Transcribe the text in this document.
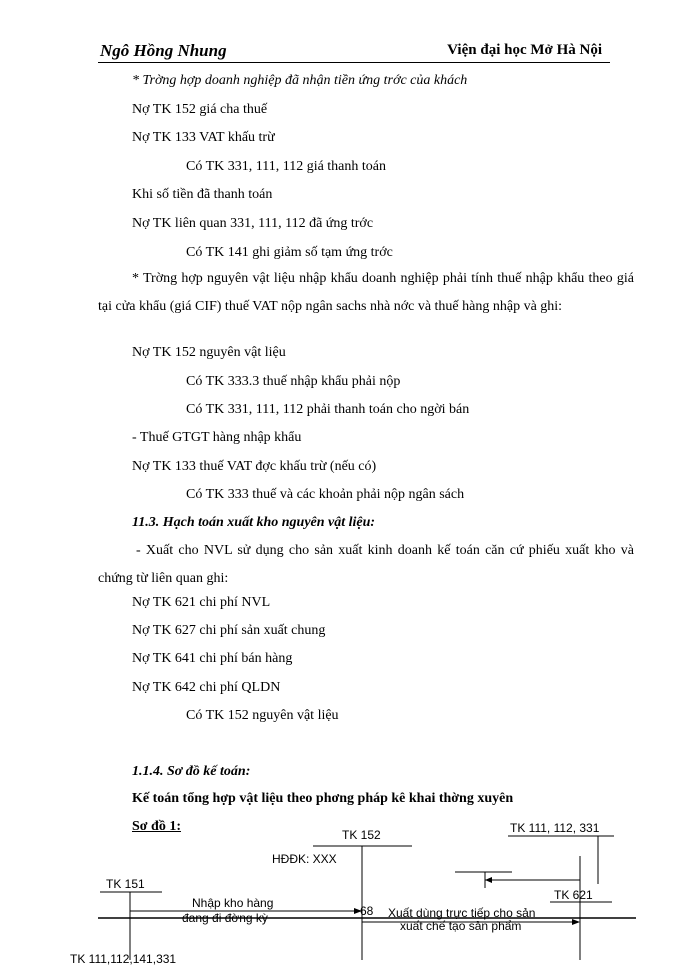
Ngô Hồng Nhung	Viện đại học Mở Hà Nội
* Trờng hợp doanh nghiệp đã nhận tiền ứng trớc của khách
Nợ TK 152 giá cha thuế
Nợ TK 133 VAT khấu trừ
Có TK 331, 111, 112 giá thanh toán
Khi số tiền đã thanh toán
Nợ TK liên quan 331, 111, 112 đã ứng trớc
Có TK 141 ghi giảm số tạm ứng trớc
* Trờng hợp nguyên vật liệu nhập khẩu doanh nghiệp phải tính thuế nhập khẩu theo giá tại cửa khẩu (giá CIF) thuế VAT nộp ngân sachs nhà nớc và thuế hàng nhập và ghi:
Nợ TK 152 nguyên vật liệu
Có TK 333.3 thuế nhập khẩu phải nộp
Có TK 331, 111, 112 phải thanh toán cho ngời bán
- Thuế GTGT hàng nhập khẩu
Nợ TK 133 thuế VAT đợc khấu trừ (nếu có)
Có TK 333 thuế và các khoản phải nộp ngân sách
11.3. Hạch toán xuất kho nguyên vật liệu:
- Xuất cho NVL sử dụng cho sản xuất kinh doanh kế toán căn cứ phiếu xuất kho và chứng từ liên quan ghi:
Nợ TK 621 chi phí NVL
Nợ TK 627 chi phí sản xuất chung
Nợ TK 641 chi phí bán hàng
Nợ TK 642 chi phí QLDN
Có TK 152 nguyên vật liệu
1.1.4. Sơ đồ kế toán:
Kế toán tổng hợp vật liệu theo phơng pháp kê khai thờng xuyên
Sơ đồ 1:
TK 152	TK 111, 112, 331
HĐĐK: XXX
TK 151
TK 621
Nhập kho hàng
đang đi đờng kỳ	68 Xuất dùng trực tiếp cho sản
xuất chế tạo sản phẩm
TK 111,112,141,331
